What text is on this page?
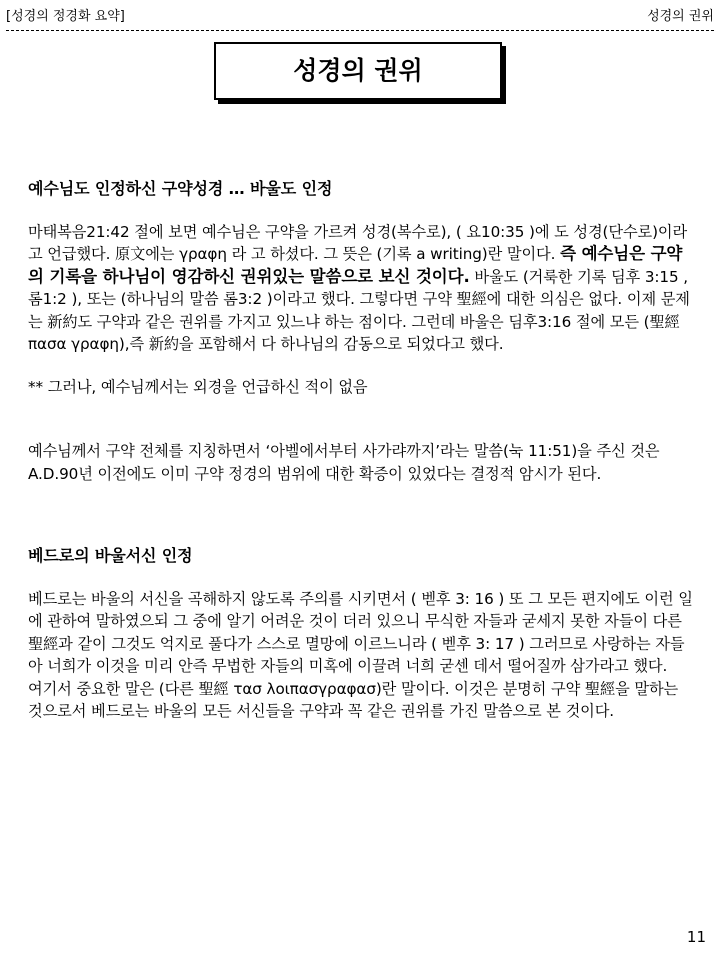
[성경의 정경화 요약]	성경의 권위
성경의 권위

예수님도 인정하신 구약성경 … 바울도 인정

마태복음21:42 절에 보면 예수님은 구약을 가르켜 성경(복수로), ( 요10:35 )에 도 성경(단수로)이라고 언급했다. 原文에는 γραφη 라 고 하셨다. 그 뜻은 (기록 a writing)란 말이다. 즉 예수님은 구약의 기록을 하나님이 영감하신 권위있는 말씀으로 보신 것이다. 바울도 (거룩한 기록 딤후 3:15 , 롬1:2 ), 또는 (하나님의 말씀 롬3:2 )이라고 했다. 그렇다면 구약 聖經에 대한 의심은 없다. 이제 문제는 新約도 구약과 같은 권위를 가지고 있느냐 하는 점이다. 그런데 바울은 딤후3:16 절에 모든 (聖經 πασα γραφη),즉 新約을 포함해서 다 하나님의 감동으로 되었다고 했다.

** 그러나, 예수님께서는 외경을 언급하신 적이 없음

예수님께서 구약 전체를 지칭하면서 ‘아벨에서부터 사가랴까지’라는 말씀(눅 11:51)을 주신 것은 A.D.90년 이전에도 이미 구약 정경의 범위에 대한 확증이 있었다는 결정적 암시가 된다.

베드로의 바울서신 인정

베드로는 바울의 서신을 곡해하지 않도록 주의를 시키면서 ( 벧후 3: 16 ) 또 그 모든 편지에도 이런 일에 관하여 말하였으되 그 중에 알기 어려운 것이 더러 있으니 무식한 자들과 굳세지 못한 자들이 다른 聖經과 같이 그것도 억지로 풀다가 스스로 멸망에 이르느니라 ( 벧후 3: 17 ) 그러므로 사랑하는 자들아 너희가 이것을 미리 안즉 무법한 자들의 미혹에 이끌려 너희 굳센 데서 떨어질까 삼가라고 했다.

여기서 중요한 말은 (다른 聖經 τασ λοιπασγραφασ)란 말이다. 이것은 분명히 구약 聖經을 말하는 것으로서 베드로는 바울의 모든 서신들을 구약과 꼭 같은 권위를 가진 말씀으로 본 것이다.

11
